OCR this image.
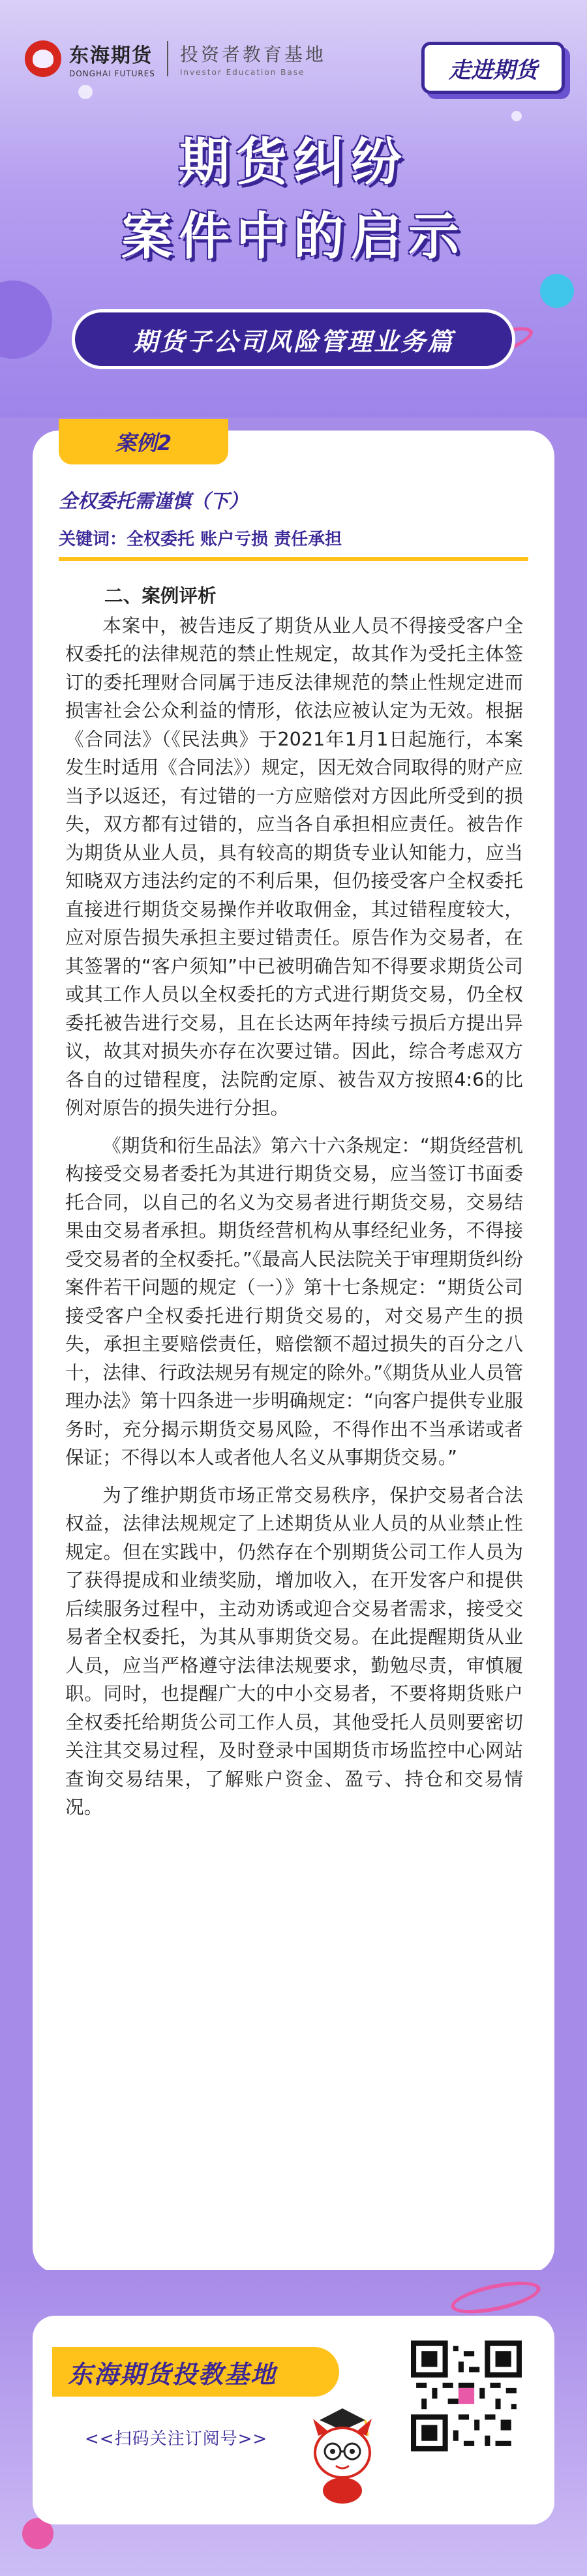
东海期货
DONGHAI FUTURES
投资者教育基地
Investor Education Base	走进期货
期货纠纷
案件中的启示
期货子公司风险管理业务篇
案例2
全权委托需谨慎（下）
关键词：全权委托 账户亏损 责任承担
二、案例评析

本案中，被告违反了期货从业人员不得接受客户全权委托的法律规范的禁止性规定，故其作为受托主体签订的委托理财合同属于违反法律规范的禁止性规定进而损害社会公众利益的情形，依法应被认定为无效。根据《合同法》（《民法典》于2021年1月1日起施行，本案发生时适用《合同法》）规定，因无效合同取得的财产应当予以返还，有过错的一方应赔偿对方因此所受到的损失，双方都有过错的，应当各自承担相应责任。被告作为期货从业人员，具有较高的期货专业认知能力，应当知晓双方违法约定的不利后果，但仍接受客户全权委托直接进行期货交易操作并收取佣金，其过错程度较大，应对原告损失承担主要过错责任。原告作为交易者，在其签署的“客户须知”中已被明确告知不得要求期货公司或其工作人员以全权委托的方式进行期货交易，仍全权委托被告进行交易，且在长达两年持续亏损后方提出异议，故其对损失亦存在次要过错。因此，综合考虑双方各自的过错程度，法院酌定原、被告双方按照4:6的比例对原告的损失进行分担。

《期货和衍生品法》第六十六条规定：“期货经营机构接受交易者委托为其进行期货交易，应当签订书面委托合同，以自己的名义为交易者进行期货交易，交易结果由交易者承担。期货经营机构从事经纪业务，不得接受交易者的全权委托。”《最高人民法院关于审理期货纠纷案件若干问题的规定（一）》第十七条规定：“期货公司接受客户全权委托进行期货交易的，对交易产生的损失，承担主要赔偿责任，赔偿额不超过损失的百分之八十，法律、行政法规另有规定的除外。”《期货从业人员管理办法》第十四条进一步明确规定：“向客户提供专业服务时，充分揭示期货交易风险，不得作出不当承诺或者保证；不得以本人或者他人名义从事期货交易。”

为了维护期货市场正常交易秩序，保护交易者合法权益，法律法规规定了上述期货从业人员的从业禁止性规定。但在实践中，仍然存在个别期货公司工作人员为了获得提成和业绩奖励，增加收入，在开发客户和提供后续服务过程中，主动劝诱或迎合交易者需求，接受交易者全权委托，为其从事期货交易。在此提醒期货从业人员，应当严格遵守法律法规要求，勤勉尽责，审慎履职。同时，也提醒广大的中小交易者，不要将期货账户全权委托给期货公司工作人员，其他受托人员则要密切关注其交易过程，及时登录中国期货市场监控中心网站查询交易结果，了解账户资金、盈亏、持仓和交易情况。

东海期货投教基地
<<扫码关注订阅号>>
